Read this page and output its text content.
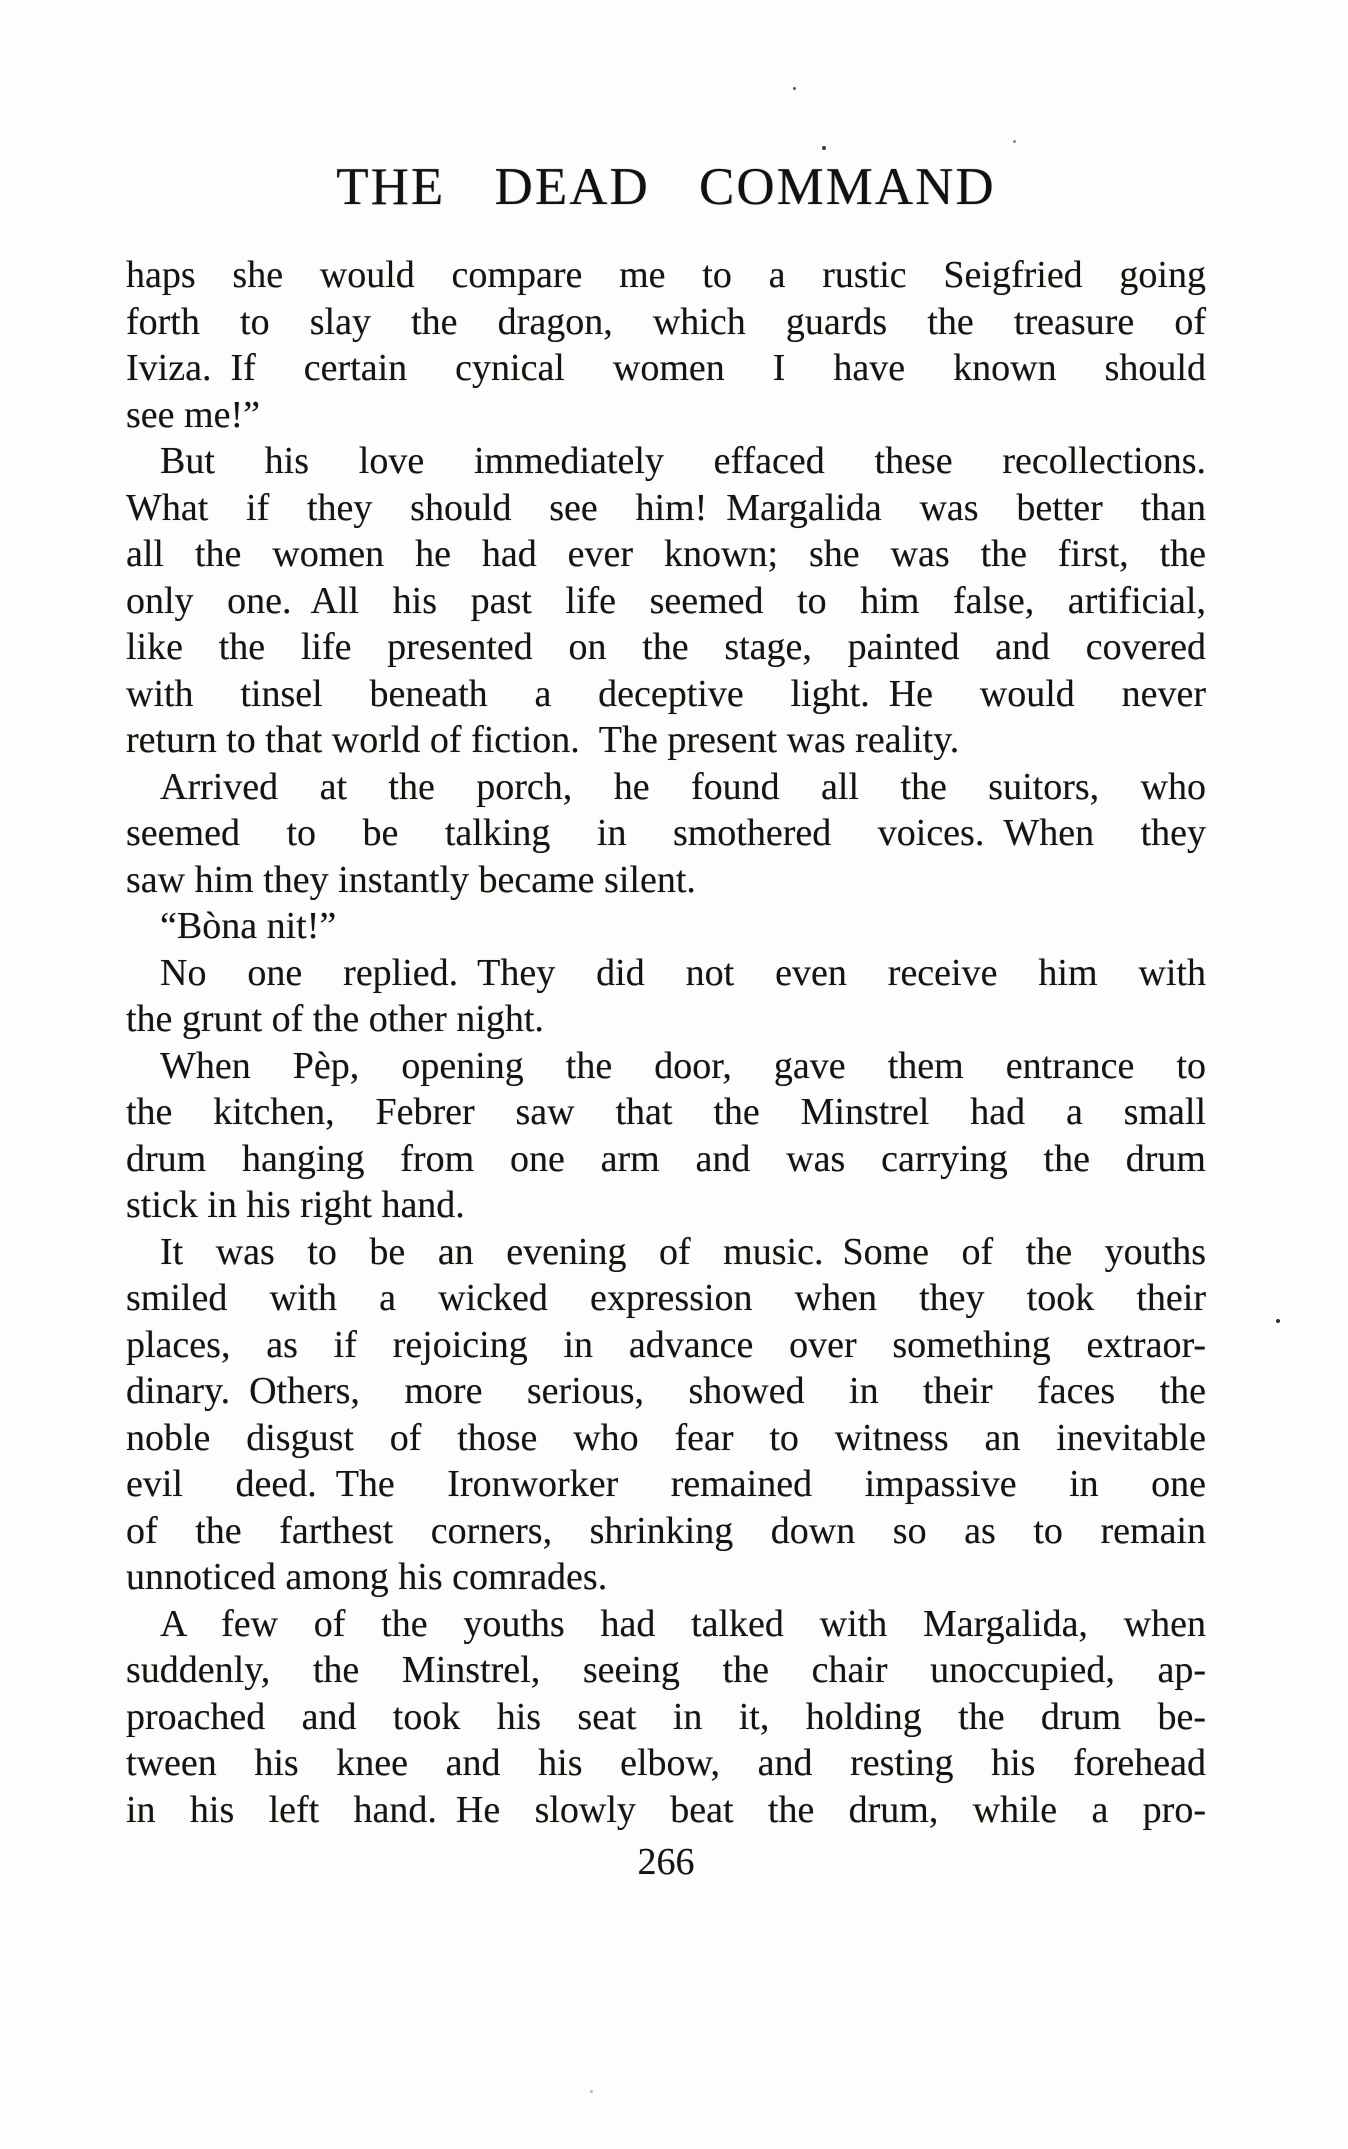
THE DEAD COMMAND
haps she would compare me to a rustic Seigfried going
forth to slay the dragon, which guards the treasure of
Iviza. If certain cynical women I have known should
see me!”
But his love immediately effaced these recollections.
What if they should see him! Margalida was better than
all the women he had ever known; she was the first, the
only one. All his past life seemed to him false, artificial,
like the life presented on the stage, painted and covered
with tinsel beneath a deceptive light. He would never
return to that world of fiction. The present was reality.
Arrived at the porch, he found all the suitors, who
seemed to be talking in smothered voices. When they
saw him they instantly became silent.
“Bòna nit!”
No one replied. They did not even receive him with
the grunt of the other night.
When Pèp, opening the door, gave them entrance to
the kitchen, Febrer saw that the Minstrel had a small
drum hanging from one arm and was carrying the drum
stick in his right hand.
It was to be an evening of music. Some of the youths
smiled with a wicked expression when they took their
places, as if rejoicing in advance over something extraor-
dinary. Others, more serious, showed in their faces the
noble disgust of those who fear to witness an inevitable
evil deed. The Ironworker remained impassive in one
of the farthest corners, shrinking down so as to remain
unnoticed among his comrades.
A few of the youths had talked with Margalida, when
suddenly, the Minstrel, seeing the chair unoccupied, ap-
proached and took his seat in it, holding the drum be-
tween his knee and his elbow, and resting his forehead
in his left hand. He slowly beat the drum, while a pro-
266
